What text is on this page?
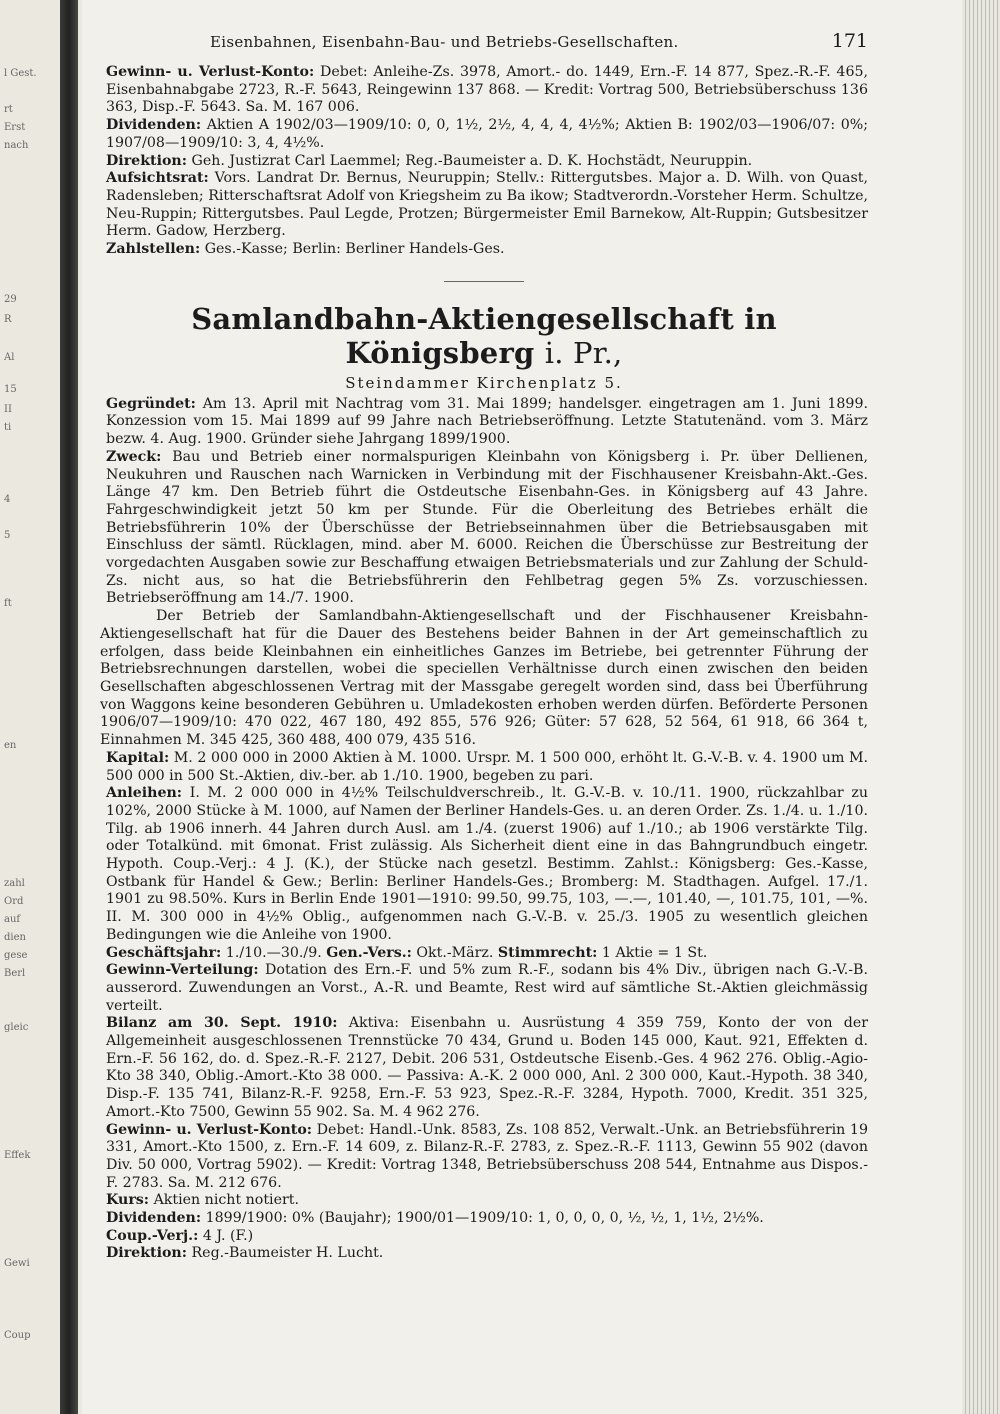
l Gest.
rt
Erst
nach
29
R
Al
15
II
ti
4
5
ft
en
zahl
Ord
auf
dien
gese
Berl
gleic
Effek
Gewi
Coup
Eisenbahnen, Eisenbahn-Bau- und Betriebs-Gesellschaften.	171

Gewinn- u. Verlust-Konto: Debet: Anleihe-Zs. 3978, Amort.- do. 1449, Ern.-F. 14 877, Spez.-R.-F. 465, Eisenbahnabgabe 2723, R.-F. 5643, Reingewinn 137 868. — Kredit: Vortrag 500, Betriebsüberschuss 136 363, Disp.-F. 5643. Sa. M. 167 006.

Dividenden: Aktien A 1902/03—1909/10: 0, 0, 1½, 2½, 4, 4, 4, 4½%; Aktien B: 1902/03—1906/07: 0%; 1907/08—1909/10: 3, 4, 4½%.

Direktion: Geh. Justizrat Carl Laemmel; Reg.-Baumeister a. D. K. Hochstädt, Neuruppin.

Aufsichtsrat: Vors. Landrat Dr. Bernus, Neuruppin; Stellv.: Rittergutsbes. Major a. D. Wilh. von Quast, Radensleben; Ritterschaftsrat Adolf von Kriegsheim zu Ba ikow; Stadtverordn.-Vorsteher Herm. Schultze, Neu-Ruppin; Rittergutsbes. Paul Legde, Protzen; Bürgermeister Emil Barnekow, Alt-Ruppin; Gutsbesitzer Herm. Gadow, Herzberg.

Zahlstellen: Ges.-Kasse; Berlin: Berliner Handels-Ges.

Samlandbahn-Aktiengesellschaft in Königsberg i. Pr.,

Steindammer Kirchenplatz 5.

Gegründet: Am 13. April mit Nachtrag vom 31. Mai 1899; handelsger. eingetragen am 1. Juni 1899. Konzession vom 15. Mai 1899 auf 99 Jahre nach Betriebseröffnung. Letzte Statutenänd. vom 3. März bezw. 4. Aug. 1900. Gründer siehe Jahrgang 1899/1900.

Zweck: Bau und Betrieb einer normalspurigen Kleinbahn von Königsberg i. Pr. über Dellienen, Neukuhren und Rauschen nach Warnicken in Verbindung mit der Fischhausener Kreisbahn-Akt.-Ges. Länge 47 km. Den Betrieb führt die Ostdeutsche Eisenbahn-Ges. in Königsberg auf 43 Jahre. Fahrgeschwindigkeit jetzt 50 km per Stunde. Für die Oberleitung des Betriebes erhält die Betriebsführerin 10% der Überschüsse der Betriebseinnahmen über die Betriebsausgaben mit Einschluss der sämtl. Rücklagen, mind. aber M. 6000. Reichen die Überschüsse zur Bestreitung der vorgedachten Ausgaben sowie zur Beschaffung etwaigen Betriebsmaterials und zur Zahlung der Schuld-Zs. nicht aus, so hat die Betriebsführerin den Fehlbetrag gegen 5% Zs. vorzuschiessen. Betriebseröffnung am 14./7. 1900.

Der Betrieb der Samlandbahn-Aktiengesellschaft und der Fischhausener Kreisbahn-Aktiengesellschaft hat für die Dauer des Bestehens beider Bahnen in der Art gemeinschaftlich zu erfolgen, dass beide Kleinbahnen ein einheitliches Ganzes im Betriebe, bei getrennter Führung der Betriebsrechnungen darstellen, wobei die speciellen Verhältnisse durch einen zwischen den beiden Gesellschaften abgeschlossenen Vertrag mit der Massgabe geregelt worden sind, dass bei Überführung von Waggons keine besonderen Gebühren u. Umladekosten erhoben werden dürfen. Beförderte Personen 1906/07—1909/10: 470 022, 467 180, 492 855, 576 926; Güter: 57 628, 52 564, 61 918, 66 364 t, Einnahmen M. 345 425, 360 488, 400 079, 435 516.

Kapital: M. 2 000 000 in 2000 Aktien à M. 1000. Urspr. M. 1 500 000, erhöht lt. G.-V.-B. v. 4. 1900 um M. 500 000 in 500 St.-Aktien, div.-ber. ab 1./10. 1900, begeben zu pari.

Anleihen: I. M. 2 000 000 in 4½% Teilschuldverschreib., lt. G.-V.-B. v. 10./11. 1900, rückzahlbar zu 102%, 2000 Stücke à M. 1000, auf Namen der Berliner Handels-Ges. u. an deren Order. Zs. 1./4. u. 1./10. Tilg. ab 1906 innerh. 44 Jahren durch Ausl. am 1./4. (zuerst 1906) auf 1./10.; ab 1906 verstärkte Tilg. oder Totalkünd. mit 6monat. Frist zulässig. Als Sicherheit dient eine in das Bahngrundbuch eingetr. Hypoth. Coup.-Verj.: 4 J. (K.), der Stücke nach gesetzl. Bestimm. Zahlst.: Königsberg: Ges.-Kasse, Ostbank für Handel & Gew.; Berlin: Berliner Handels-Ges.; Bromberg: M. Stadthagen. Aufgel. 17./1. 1901 zu 98.50%. Kurs in Berlin Ende 1901—1910: 99.50, 99.75, 103, —.—, 101.40, —, 101.75, 101, —%. II. M. 300 000 in 4½% Oblig., aufgenommen nach G.-V.-B. v. 25./3. 1905 zu wesentlich gleichen Bedingungen wie die Anleihe von 1900.

Geschäftsjahr: 1./10.—30./9. Gen.-Vers.: Okt.-März. Stimmrecht: 1 Aktie = 1 St.

Gewinn-Verteilung: Dotation des Ern.-F. und 5% zum R.-F., sodann bis 4% Div., übrigen nach G.-V.-B. ausserord. Zuwendungen an Vorst., A.-R. und Beamte, Rest wird auf sämtliche St.-Aktien gleichmässig verteilt.

Bilanz am 30. Sept. 1910: Aktiva: Eisenbahn u. Ausrüstung 4 359 759, Konto der von der Allgemeinheit ausgeschlossenen Trennstücke 70 434, Grund u. Boden 145 000, Kaut. 921, Effekten d. Ern.-F. 56 162, do. d. Spez.-R.-F. 2127, Debit. 206 531, Ostdeutsche Eisenb.-Ges. 4 962 276. Oblig.-Agio-Kto 38 340, Oblig.-Amort.-Kto 38 000. — Passiva: A.-K. 2 000 000, Anl. 2 300 000, Kaut.-Hypoth. 38 340, Disp.-F. 135 741, Bilanz-R.-F. 9258, Ern.-F. 53 923, Spez.-R.-F. 3284, Hypoth. 7000, Kredit. 351 325, Amort.-Kto 7500, Gewinn 55 902. Sa. M. 4 962 276.

Gewinn- u. Verlust-Konto: Debet: Handl.-Unk. 8583, Zs. 108 852, Verwalt.-Unk. an Betriebsführerin 19 331, Amort.-Kto 1500, z. Ern.-F. 14 609, z. Bilanz-R.-F. 2783, z. Spez.-R.-F. 1113, Gewinn 55 902 (davon Div. 50 000, Vortrag 5902). — Kredit: Vortrag 1348, Betriebsüberschuss 208 544, Entnahme aus Dispos.-F. 2783. Sa. M. 212 676.

Kurs: Aktien nicht notiert.

Dividenden: 1899/1900: 0% (Baujahr); 1900/01—1909/10: 1, 0, 0, 0, 0, ½, ½, 1, 1½, 2½%.

Coup.-Verj.: 4 J. (F.)

Direktion: Reg.-Baumeister H. Lucht.
